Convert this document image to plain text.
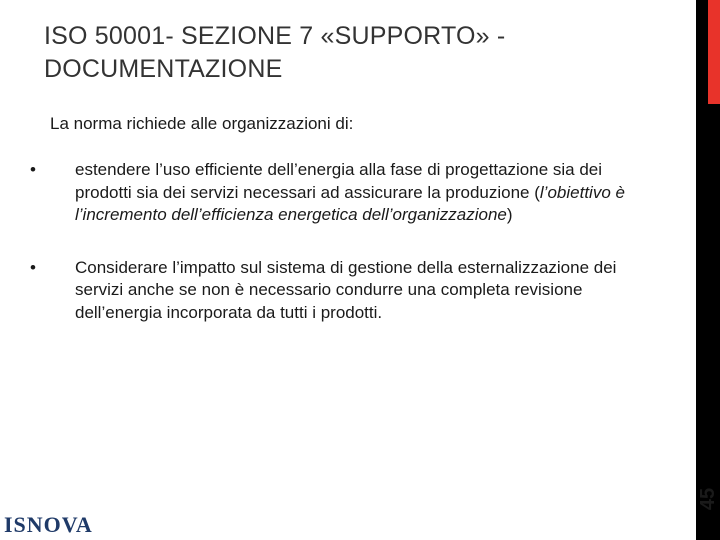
ISO 50001- SEZIONE 7 «SUPPORTO» -
DOCUMENTAZIONE
45
La norma richiede alle organizzazioni di:
•	estendere l’uso efficiente dell’energia alla fase di progettazione sia dei prodotti sia dei servizi necessari ad assicurare la produzione (l’obiettivo è l’incremento dell’efficienza energetica dell’organizzazione)
•	Considerare l’impatto sul sistema di gestione della esternalizzazione dei servizi anche se non è necessario condurre una completa revisione dell’energia incorporata da tutti i prodotti.
ISNOVA
